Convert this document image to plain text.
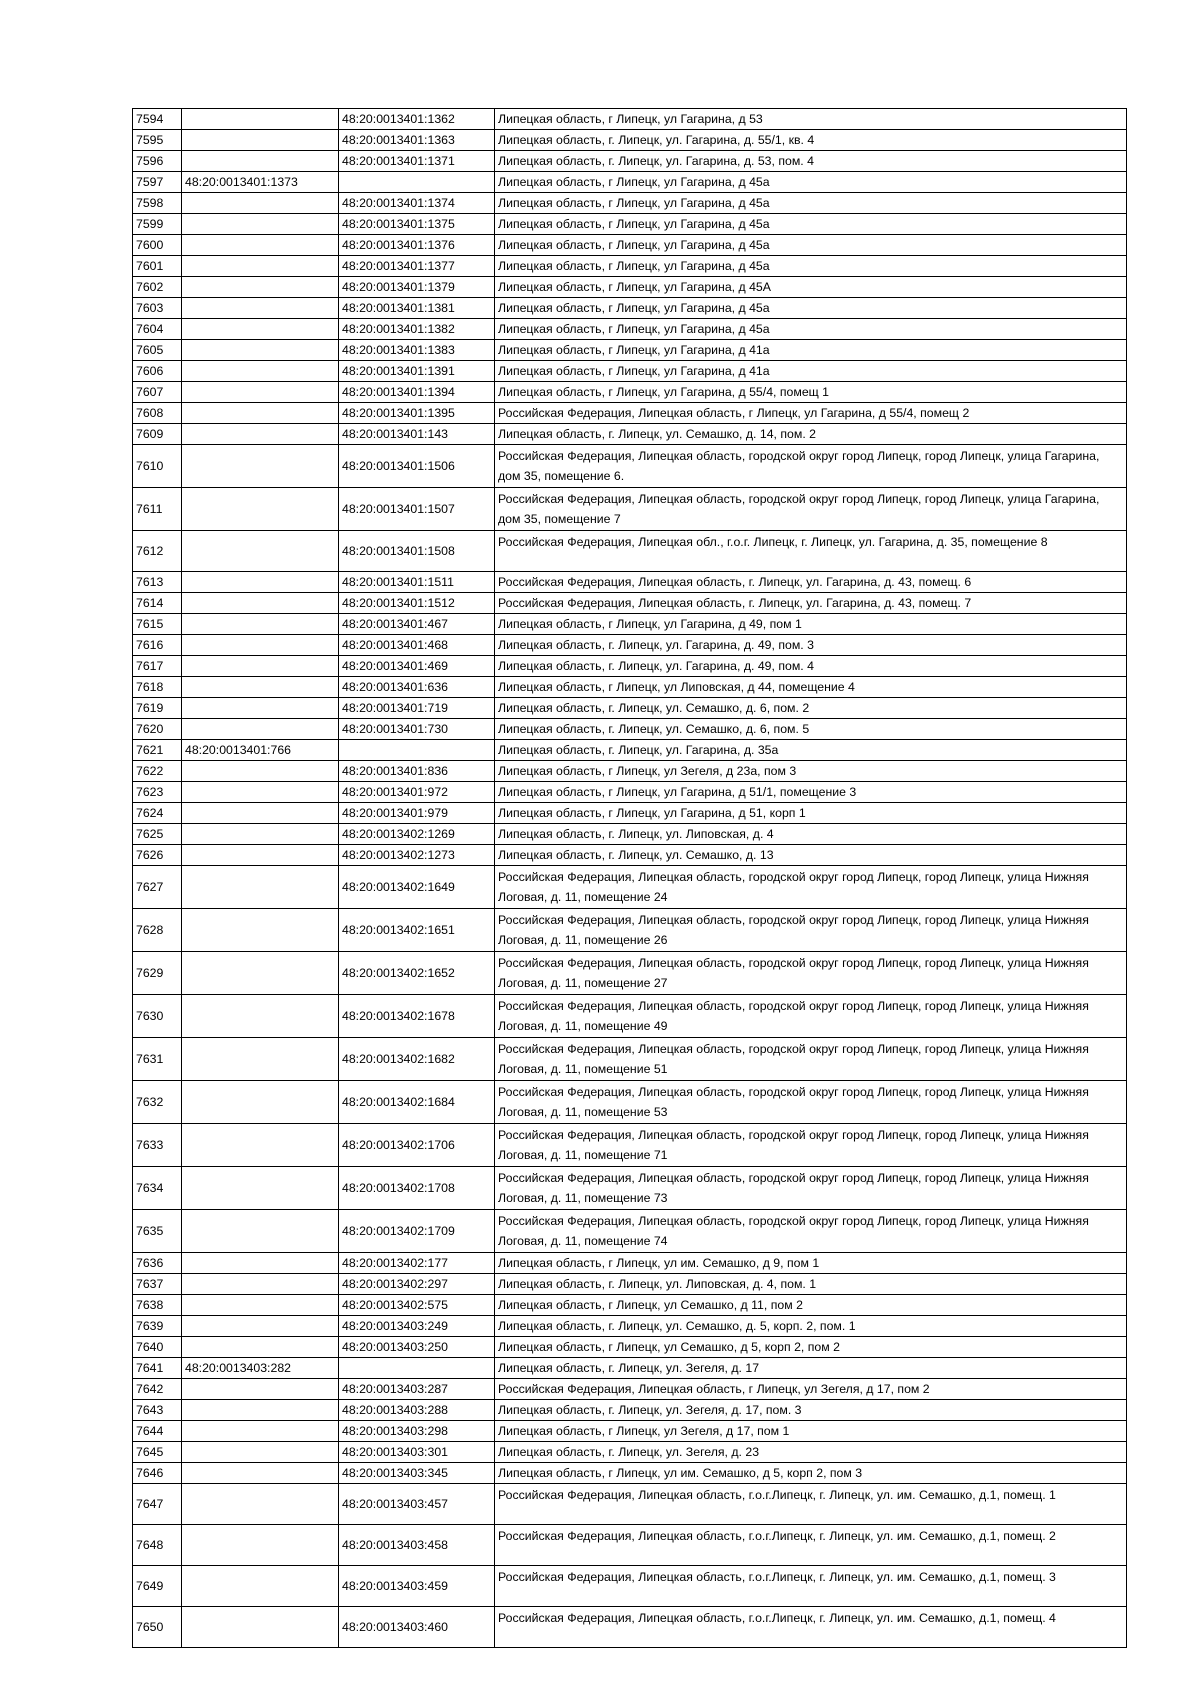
7594		48:20:0013401:1362	Липецкая область, г Липецк, ул Гагарина, д 53
7595		48:20:0013401:1363	Липецкая область, г. Липецк, ул. Гагарина, д. 55/1, кв. 4
7596		48:20:0013401:1371	Липецкая область, г. Липецк, ул. Гагарина, д. 53, пом. 4
7597	48:20:0013401:1373		Липецкая область, г Липецк, ул Гагарина, д 45а
7598		48:20:0013401:1374	Липецкая область, г Липецк, ул Гагарина, д 45а
7599		48:20:0013401:1375	Липецкая область, г Липецк, ул Гагарина, д 45а
7600		48:20:0013401:1376	Липецкая область, г Липецк, ул Гагарина, д 45а
7601		48:20:0013401:1377	Липецкая область, г Липецк, ул Гагарина, д 45а
7602		48:20:0013401:1379	Липецкая область, г Липецк, ул Гагарина, д 45А
7603		48:20:0013401:1381	Липецкая область, г Липецк, ул Гагарина, д 45а
7604		48:20:0013401:1382	Липецкая область, г Липецк, ул Гагарина, д 45а
7605		48:20:0013401:1383	Липецкая область, г Липецк, ул Гагарина, д 41а
7606		48:20:0013401:1391	Липецкая область, г Липецк, ул Гагарина, д 41а
7607		48:20:0013401:1394	Липецкая область, г Липецк, ул Гагарина, д 55/4, помещ 1
7608		48:20:0013401:1395	Российская Федерация, Липецкая область, г Липецк, ул Гагарина, д 55/4, помещ 2
7609		48:20:0013401:143	Липецкая область, г. Липецк, ул. Семашко, д. 14, пом. 2
7610		48:20:0013401:1506	Российская Федерация, Липецкая область, городской округ город Липецк, город Липецк, улица Гагарина, дом 35, помещение 6.
7611		48:20:0013401:1507	Российская Федерация, Липецкая область, городской округ город Липецк, город Липецк, улица Гагарина, дом 35, помещение 7
7612		48:20:0013401:1508	Российская Федерация, Липецкая обл., г.о.г. Липецк, г. Липецк, ул. Гагарина, д. 35, помещение 8
7613		48:20:0013401:1511	Российская Федерация, Липецкая область, г. Липецк, ул. Гагарина, д. 43, помещ. 6
7614		48:20:0013401:1512	Российская Федерация, Липецкая область, г. Липецк, ул. Гагарина, д. 43, помещ. 7
7615		48:20:0013401:467	Липецкая область, г Липецк, ул Гагарина, д 49, пом 1
7616		48:20:0013401:468	Липецкая область, г. Липецк, ул. Гагарина, д. 49, пом. 3
7617		48:20:0013401:469	Липецкая область, г. Липецк, ул. Гагарина, д. 49, пом. 4
7618		48:20:0013401:636	Липецкая область, г Липецк, ул Липовская, д 44, помещение 4
7619		48:20:0013401:719	Липецкая область, г. Липецк, ул. Семашко, д. 6, пом. 2
7620		48:20:0013401:730	Липецкая область, г. Липецк, ул. Семашко, д. 6, пом. 5
7621	48:20:0013401:766		Липецкая область, г. Липецк, ул. Гагарина, д. 35а
7622		48:20:0013401:836	Липецкая область, г Липецк, ул Зегеля, д 23а, пом 3
7623		48:20:0013401:972	Липецкая область, г Липецк, ул Гагарина, д 51/1, помещение 3
7624		48:20:0013401:979	Липецкая область, г Липецк, ул Гагарина, д 51, корп 1
7625		48:20:0013402:1269	Липецкая область, г. Липецк, ул. Липовская, д. 4
7626		48:20:0013402:1273	Липецкая область, г. Липецк, ул. Семашко, д. 13
7627		48:20:0013402:1649	Российская Федерация, Липецкая область, городской округ город Липецк, город Липецк, улица Нижняя Логовая, д. 11, помещение 24
7628		48:20:0013402:1651	Российская Федерация, Липецкая область, городской округ город Липецк, город Липецк, улица Нижняя Логовая, д. 11, помещение 26
7629		48:20:0013402:1652	Российская Федерация, Липецкая область, городской округ город Липецк, город Липецк, улица Нижняя Логовая, д. 11, помещение 27
7630		48:20:0013402:1678	Российская Федерация, Липецкая область, городской округ город Липецк, город Липецк, улица Нижняя Логовая, д. 11, помещение 49
7631		48:20:0013402:1682	Российская Федерация, Липецкая область, городской округ город Липецк, город Липецк, улица Нижняя Логовая, д. 11, помещение 51
7632		48:20:0013402:1684	Российская Федерация, Липецкая область, городской округ город Липецк, город Липецк, улица Нижняя Логовая, д. 11, помещение 53
7633		48:20:0013402:1706	Российская Федерация, Липецкая область, городской округ город Липецк, город Липецк, улица Нижняя Логовая, д. 11, помещение 71
7634		48:20:0013402:1708	Российская Федерация, Липецкая область, городской округ город Липецк, город Липецк, улица Нижняя Логовая, д. 11, помещение 73
7635		48:20:0013402:1709	Российская Федерация, Липецкая область, городской округ город Липецк, город Липецк, улица Нижняя Логовая, д. 11, помещение 74
7636		48:20:0013402:177	Липецкая область, г Липецк, ул им. Семашко, д 9, пом 1
7637		48:20:0013402:297	Липецкая область, г. Липецк, ул. Липовская, д. 4, пом. 1
7638		48:20:0013402:575	Липецкая область, г Липецк, ул Семашко, д 11, пом 2
7639		48:20:0013403:249	Липецкая область, г. Липецк, ул. Семашко, д. 5, корп. 2, пом. 1
7640		48:20:0013403:250	Липецкая область, г Липецк, ул Семашко, д 5, корп 2, пом 2
7641	48:20:0013403:282		Липецкая область, г. Липецк, ул. Зегеля, д. 17
7642		48:20:0013403:287	Российская Федерация, Липецкая область, г Липецк, ул Зегеля, д 17, пом 2
7643		48:20:0013403:288	Липецкая область, г. Липецк, ул. Зегеля, д. 17, пом. 3
7644		48:20:0013403:298	Липецкая область, г Липецк, ул Зегеля, д 17, пом 1
7645		48:20:0013403:301	Липецкая область, г. Липецк, ул. Зегеля, д. 23
7646		48:20:0013403:345	Липецкая область, г Липецк, ул им. Семашко, д 5, корп 2, пом 3
7647		48:20:0013403:457	Российская Федерация, Липецкая область, г.о.г.Липецк, г. Липецк, ул. им. Семашко, д.1, помещ. 1
7648		48:20:0013403:458	Российская Федерация, Липецкая область, г.о.г.Липецк, г. Липецк, ул. им. Семашко, д.1, помещ. 2
7649		48:20:0013403:459	Российская Федерация, Липецкая область, г.о.г.Липецк, г. Липецк, ул. им. Семашко, д.1, помещ. 3
7650		48:20:0013403:460	Российская Федерация, Липецкая область, г.о.г.Липецк, г. Липецк, ул. им. Семашко, д.1, помещ. 4
